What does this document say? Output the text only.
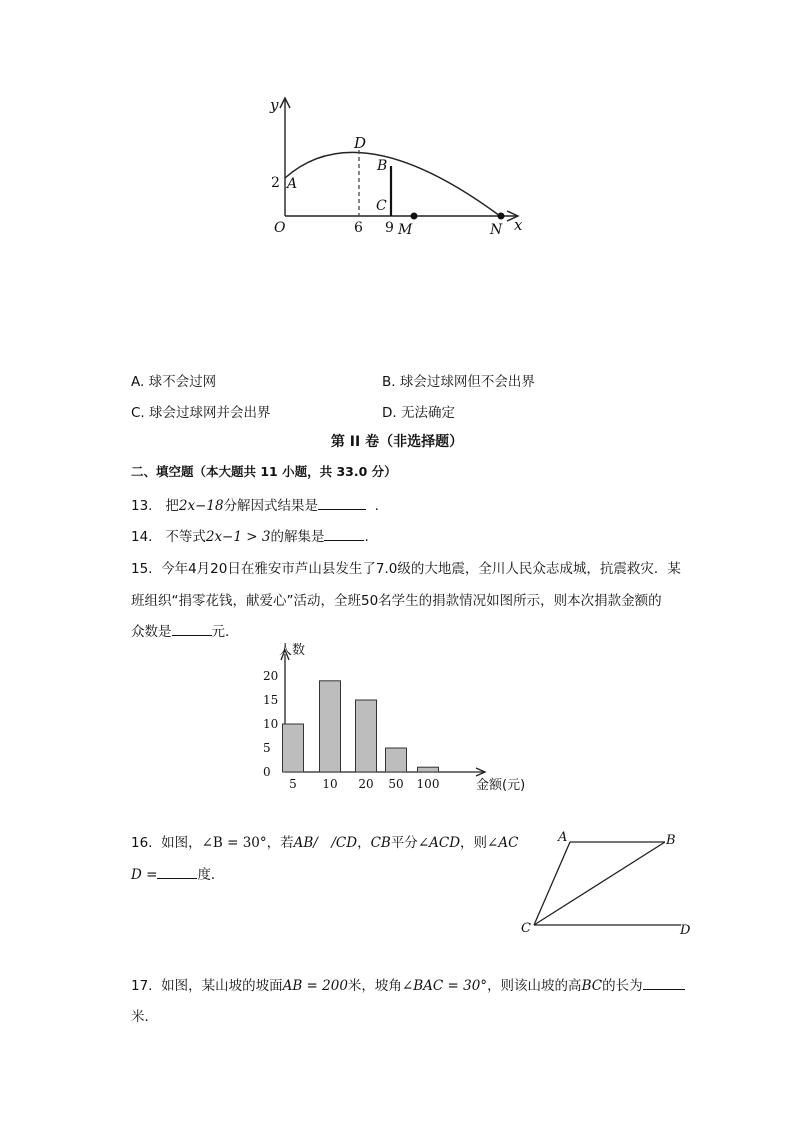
y
x
O
2 A
D
B
C
6 9 M	N
A. 球不会过网	B. 球会过球网但不会出界
C. 球会过球网并会出界	D. 无法确定
第 II 卷（非选择题）
二、填空题（本大题共 11 小题，共 33.0 分）
13. 把2x−18分解因式结果是	.
14. 不等式2x−1 > 3的解集是	.
15. 今年4月20日在雅安市芦山县发生了7.0级的大地震，全川人民众志成城，抗震救灾．某
班组织“捐零花钱，献爱心”活动，全班50名学生的捐款情况如图所示，则本次捐款金额的
众数是	元．
人数
0
5
10
15
20
5 10 20 50 100	金额(元)
16. 如图，∠B = 30°，若AB/　/CD，CB平分∠ACD，则∠AC
D =	度．
A	B
C	D
17. 如图，某山坡的坡面AB = 200米，坡角∠BAC = 30°，则该山坡的高BC的长为
米．
